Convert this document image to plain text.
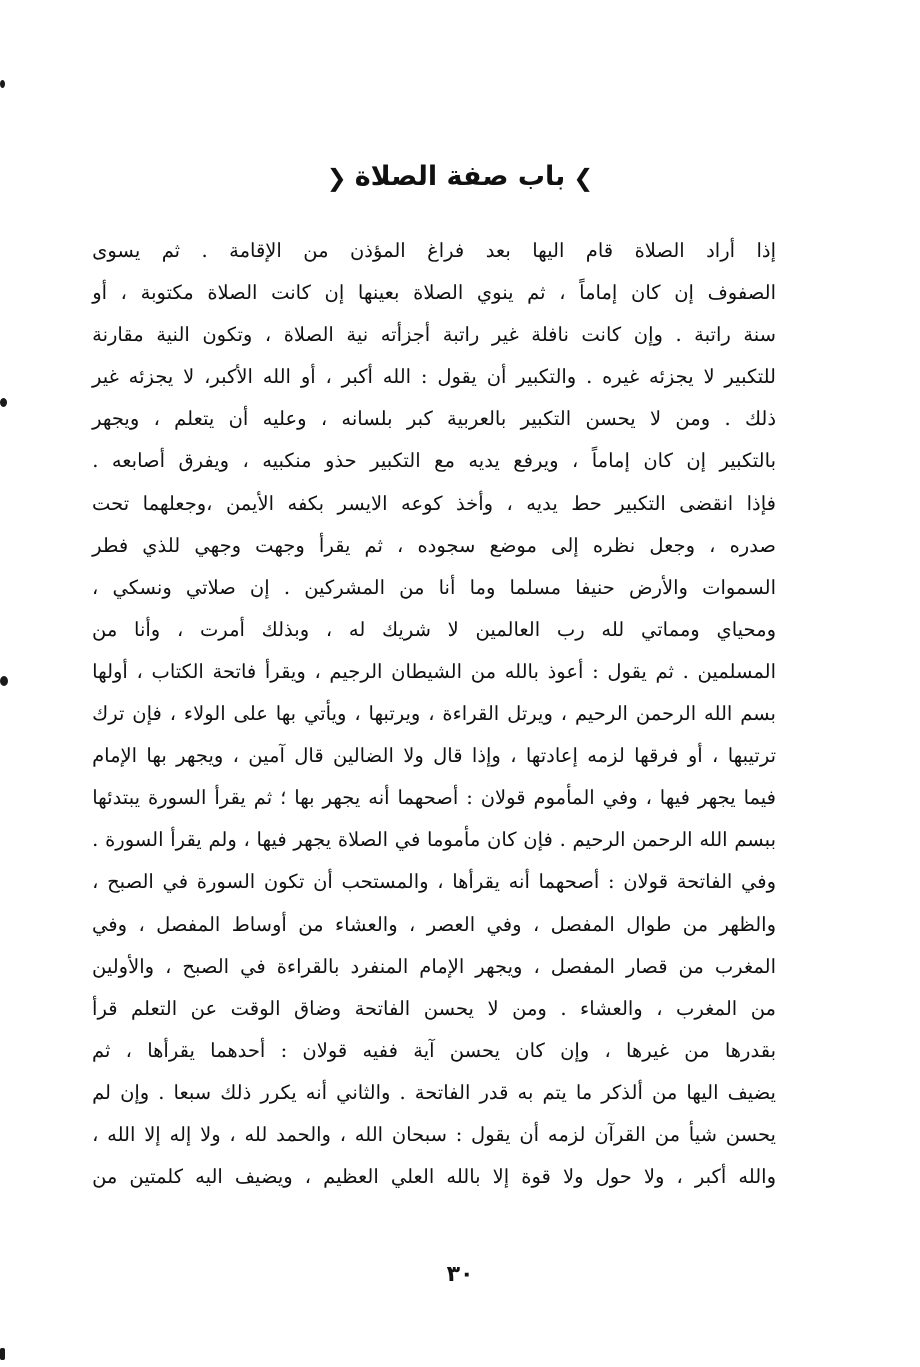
❯باب صفة الصلاة❮
إذا
أراد
الصلاة
قام
اليها
بعد
فراغ
المؤذن
من
الإقامة
.
ثم
يسوى
الصفوف
إن
كان
إماماً
،
ثم
ينوي
الصلاة
بعينها
إن
كانت
الصلاة
مكتوبة
،
أو
سنة
راتبة
.
وإن
كانت
نافلة
غير
راتبة
أجزأته
نية
الصلاة
،
وتكون
النية
مقارنة
للتكبير
لا
يجزئه
غيره
.
والتكبير
أن
يقول
:
الله
أكبر
،
أو
الله
الأكبر،
لا
يجزئه
غير
ذلك
.
ومن
لا
يحسن
التكبير
بالعربية
كبر
بلسانه
،
وعليه
أن
يتعلم
،
ويجهر
بالتكبير
إن
كان
إماماً
،
ويرفع
يديه
مع
التكبير
حذو
منكبيه
،
ويفرق
أصابعه
.
فإذا
انقضى
التكبير
حط
يديه
،
وأخذ
كوعه
الايسر
بكفه
الأيمن
،وجعلهما
تحت
صدره
،
وجعل
نظره
إلى
موضع
سجوده
،
ثم
يقرأ
وجهت
وجهي
للذي
فطر
السموات
والأرض
حنيفا
مسلما
وما
أنا
من
المشركين
.
إن
صلاتي
ونسكي
،
ومحياي
ومماتي
لله
رب
العالمين
لا
شريك
له
،
وبذلك
أمرت
،
وأنا
من
المسلمين
.
ثم
يقول
:
أعوذ
بالله
من
الشيطان
الرجيم
،
ويقرأ
فاتحة
الكتاب
،
أولها
بسم
الله
الرحمن
الرحيم
،
ويرتل
القراءة
،
ويرتبها
،
ويأتي
بها
على
الولاء
،
فإن
ترك
ترتيبها
،
أو
فرقها
لزمه
إعادتها
،
وإذا
قال
ولا
الضالين
قال
آمين
،
ويجهر
بها
الإمام
فيما
يجهر
فيها
،
وفي
المأموم
قولان
:
أصحهما
أنه
يجهر
بها
؛
ثم
يقرأ
السورة
يبتدئها
ببسم
الله
الرحمن
الرحيم
.
فإن
كان
مأموما
في
الصلاة
يجهر
فيها
،
ولم
يقرأ
السورة
.
وفي
الفاتحة
قولان
:
أصحهما
أنه
يقرأها
،
والمستحب
أن
تكون
السورة
في
الصبح
،
والظهر
من
طوال
المفصل
،
وفي
العصر
،
والعشاء
من
أوساط
المفصل
،
وفي
المغرب
من
قصار
المفصل
،
ويجهر
الإمام
المنفرد
بالقراءة
في
الصبح
،
والأولين
من
المغرب
،
والعشاء
.
ومن
لا
يحسن
الفاتحة
وضاق
الوقت
عن
التعلم
قرأ
بقدرها
من
غيرها
،
وإن
كان
يحسن
آية
ففيه
قولان
:
أحدهما
يقرأها
،
ثم
يضيف
اليها
من
ألذكر
ما
يتم
به
قدر
الفاتحة
.
والثاني
أنه
يكرر
ذلك
سبعا
.
وإن
لم
يحسن
شيأ
من
القرآن
لزمه
أن
يقول
:
سبحان
الله
،
والحمد
لله
،
ولا
إله
إلا
الله
،
والله
أكبر
،
ولا
حول
ولا
قوة
إلا
بالله
العلي
العظيم
،
ويضيف
اليه
كلمتين
من
٣٠
